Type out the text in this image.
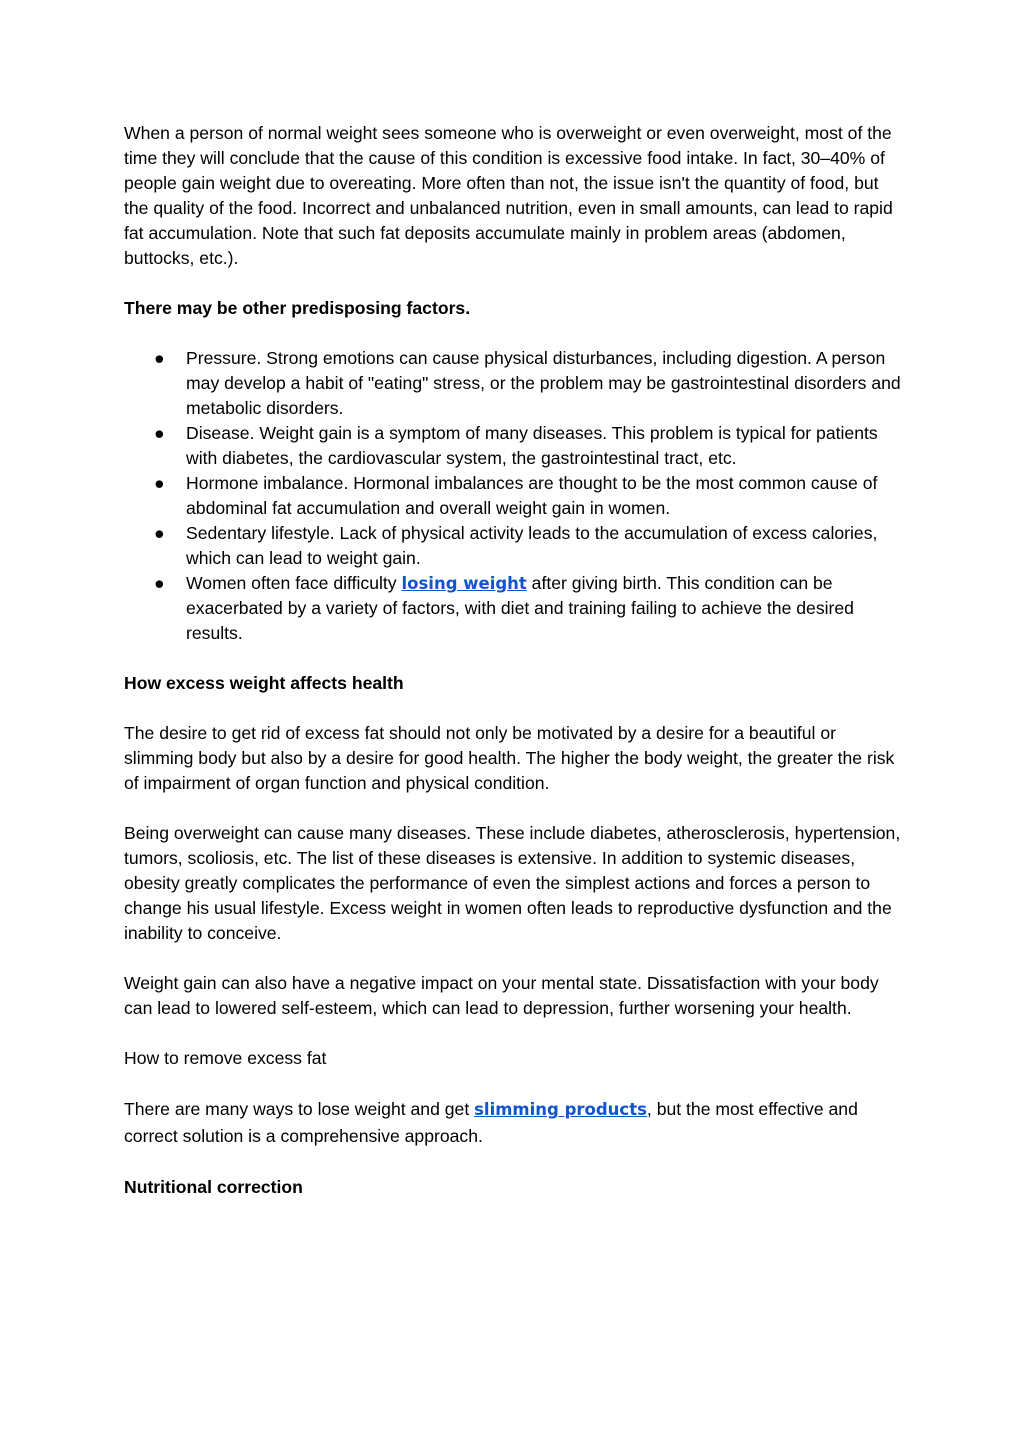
When a person of normal weight sees someone who is overweight or even overweight, most of the time they will conclude that the cause of this condition is excessive food intake. In fact, 30–40% of people gain weight due to overeating. More often than not, the issue isn't the quantity of food, but the quality of the food. Incorrect and unbalanced nutrition, even in small amounts, can lead to rapid fat accumulation. Note that such fat deposits accumulate mainly in problem areas (abdomen, buttocks, etc.).

There may be other predisposing factors.

● Pressure. Strong emotions can cause physical disturbances, including digestion. A person may develop a habit of "eating" stress, or the problem may be gastrointestinal disorders and metabolic disorders.
● Disease. Weight gain is a symptom of many diseases. This problem is typical for patients with diabetes, the cardiovascular system, the gastrointestinal tract, etc.
● Hormone imbalance. Hormonal imbalances are thought to be the most common cause of abdominal fat accumulation and overall weight gain in women.
● Sedentary lifestyle. Lack of physical activity leads to the accumulation of excess calories, which can lead to weight gain.
● Women often face difficulty losing weight after giving birth. This condition can be exacerbated by a variety of factors, with diet and training failing to achieve the desired results.

How excess weight affects health

The desire to get rid of excess fat should not only be motivated by a desire for a beautiful or slimming body but also by a desire for good health. The higher the body weight, the greater the risk of impairment of organ function and physical condition.

Being overweight can cause many diseases. These include diabetes, atherosclerosis, hypertension, tumors, scoliosis, etc. The list of these diseases is extensive. In addition to systemic diseases, obesity greatly complicates the performance of even the simplest actions and forces a person to change his usual lifestyle. Excess weight in women often leads to reproductive dysfunction and the inability to conceive.

Weight gain can also have a negative impact on your mental state. Dissatisfaction with your body can lead to lowered self-esteem, which can lead to depression, further worsening your health.

How to remove excess fat

There are many ways to lose weight and get slimming products, but the most effective and correct solution is a comprehensive approach.

Nutritional correction
